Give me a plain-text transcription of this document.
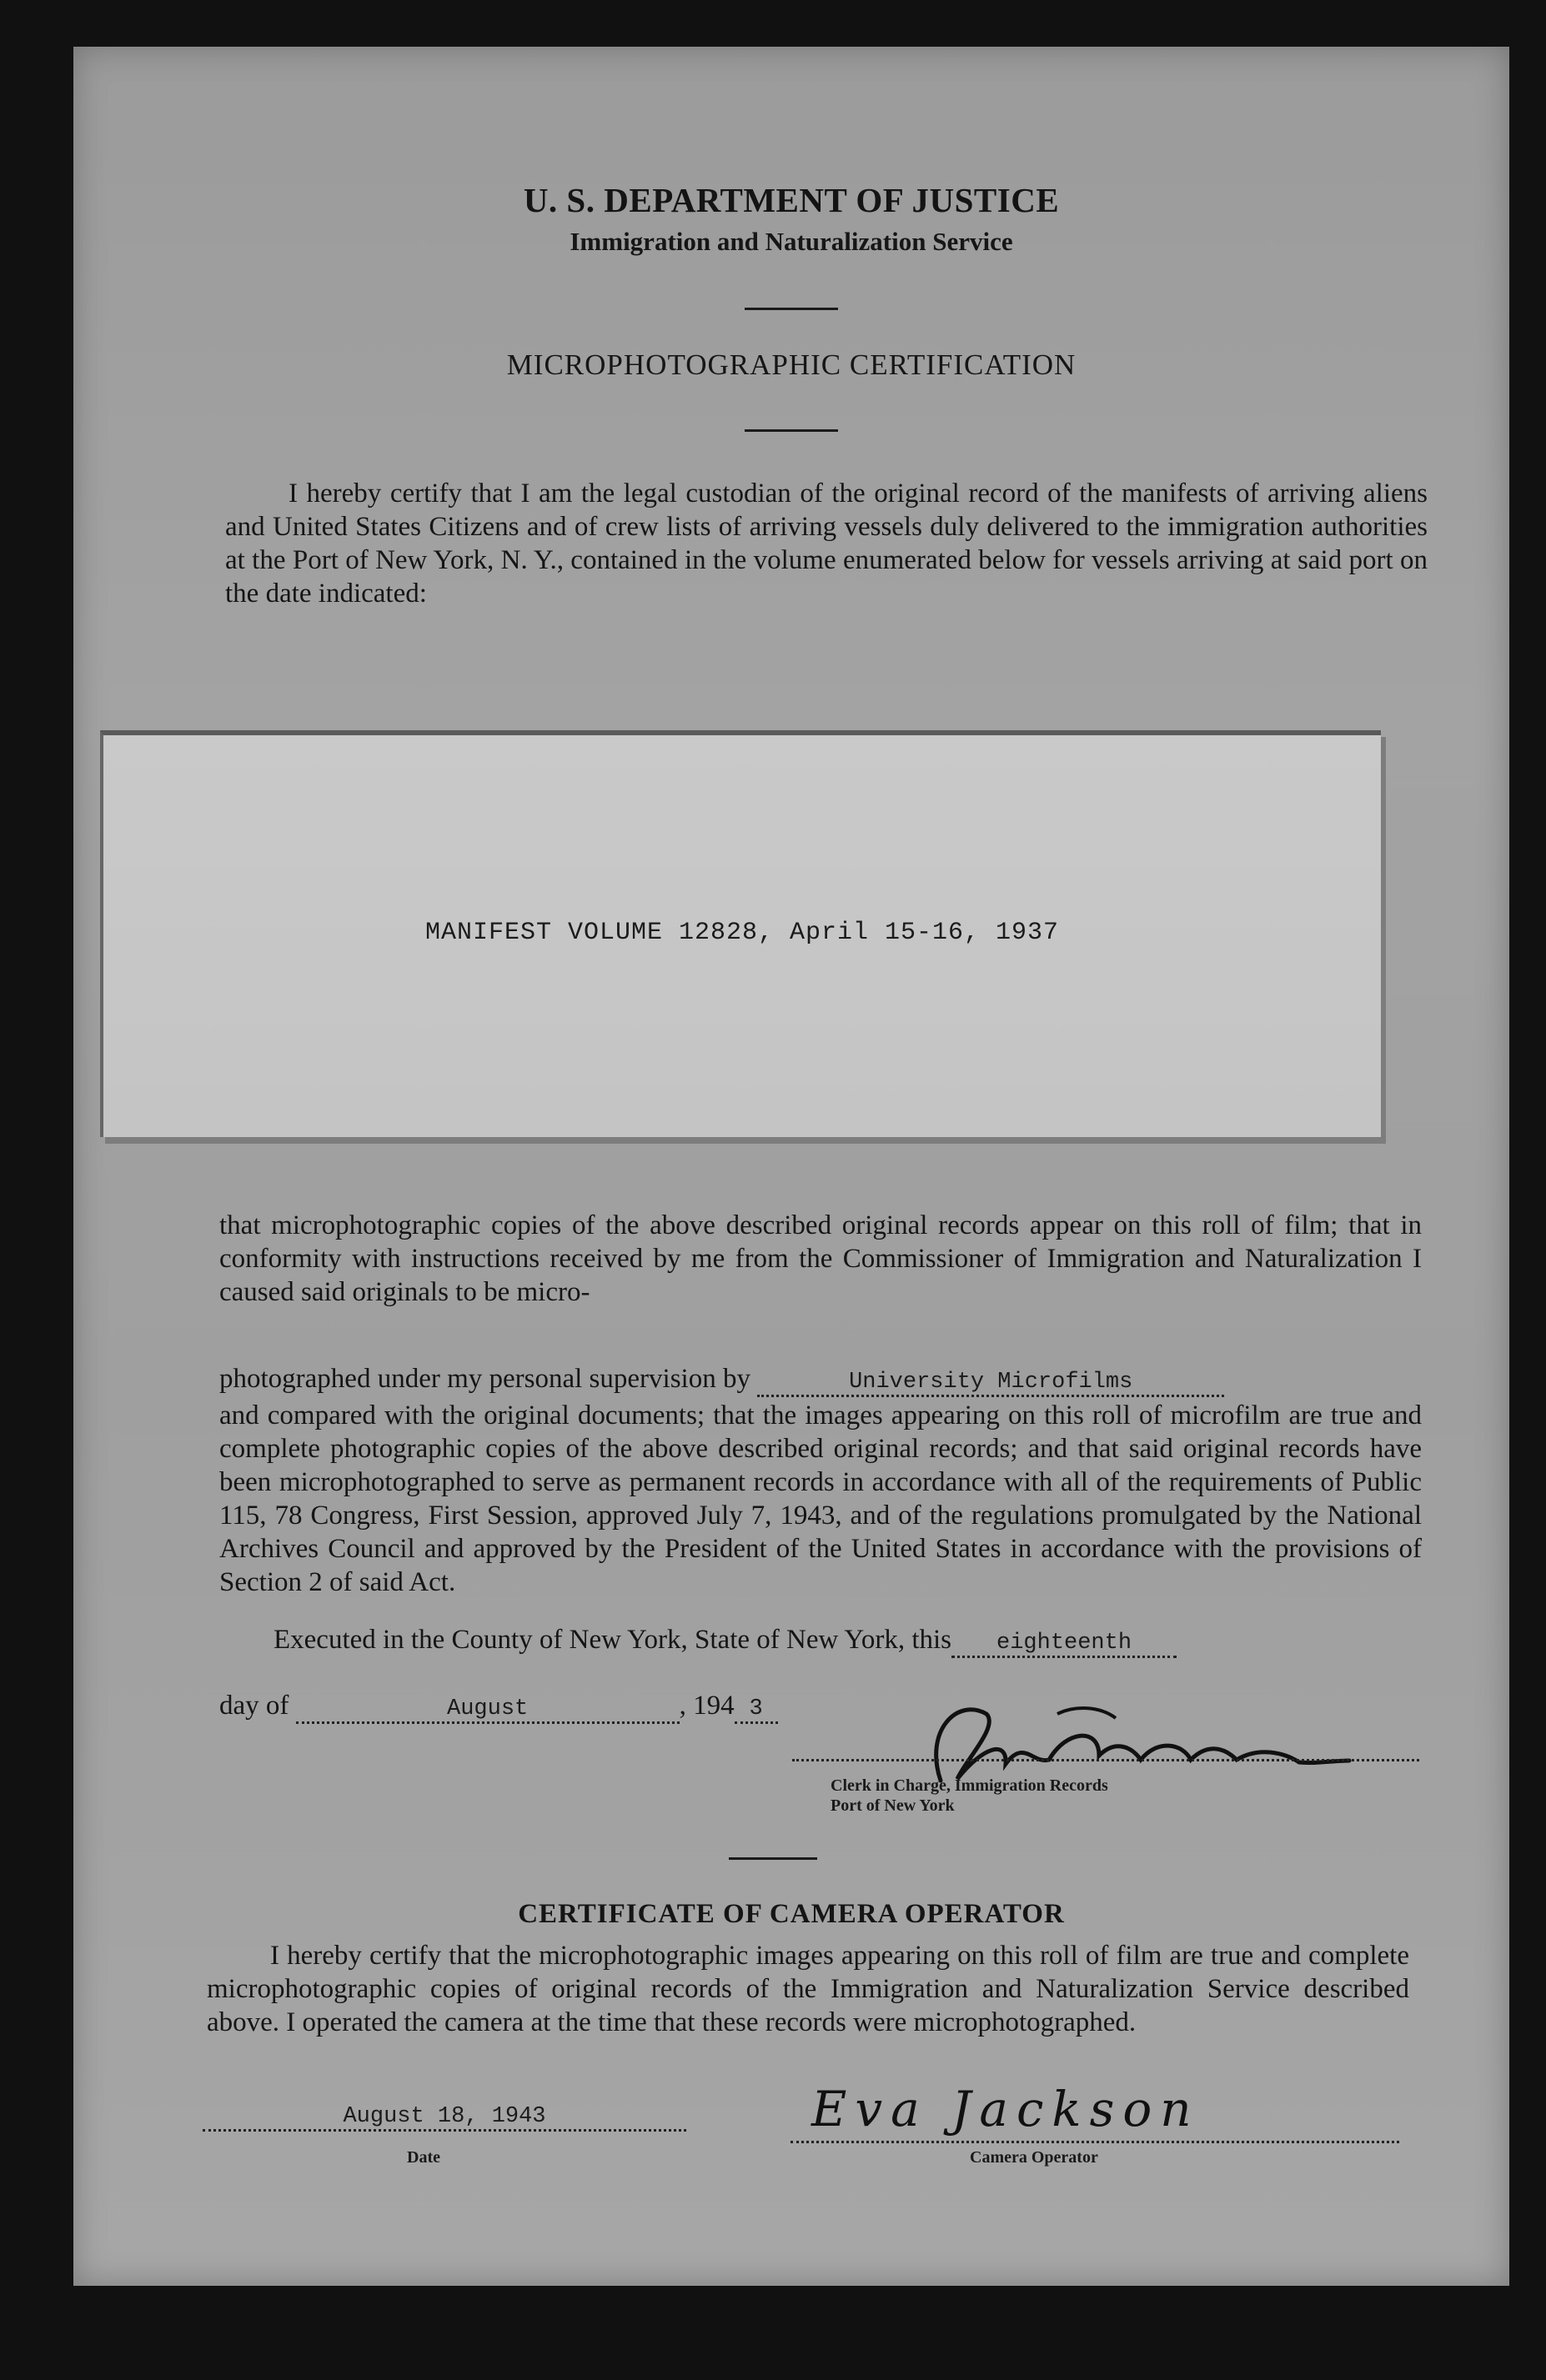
U. S. DEPARTMENT OF JUSTICE
Immigration and Naturalization Service
MICROPHOTOGRAPHIC CERTIFICATION

I hereby certify that I am the legal custodian of the original record of the manifests of arriving aliens and United States Citizens and of crew lists of arriving vessels duly delivered to the immigration authorities at the Port of New York, N. Y., contained in the volume enumerated below for vessels arriving at said port on the date indicated:

MANIFEST VOLUME 12828, April 15-16, 1937

that microphotographic copies of the above described original records appear on this roll of film; that in conformity with instructions received by me from the Commissioner of Immigration and Naturalization I caused said originals to be micro-

photographed under my personal supervision by	University Microfilms

and compared with the original documents; that the images appearing on this roll of microfilm are true and complete photographic copies of the above described original records; and that said original records have been microphotographed to serve as permanent records in accordance with all of the requirements of Public 115, 78 Congress, First Session, approved July 7, 1943, and of the regulations promulgated by the National Archives Council and approved by the President of the United States in accordance with the provisions of Section 2 of said Act.

Executed in the County of New York, State of New York, this eighteenth
day of	August	, 194 3
Clerk in Charge, Immigration Records
Port of New York
CERTIFICATE OF CAMERA OPERATOR

I hereby certify that the microphotographic images appearing on this roll of film are true and complete microphotographic copies of original records of the Immigration and Naturalization Service described above. I operated the camera at the time that these records were microphotographed.

August 18, 1943
Date
Eva Jackson
Camera Operator
